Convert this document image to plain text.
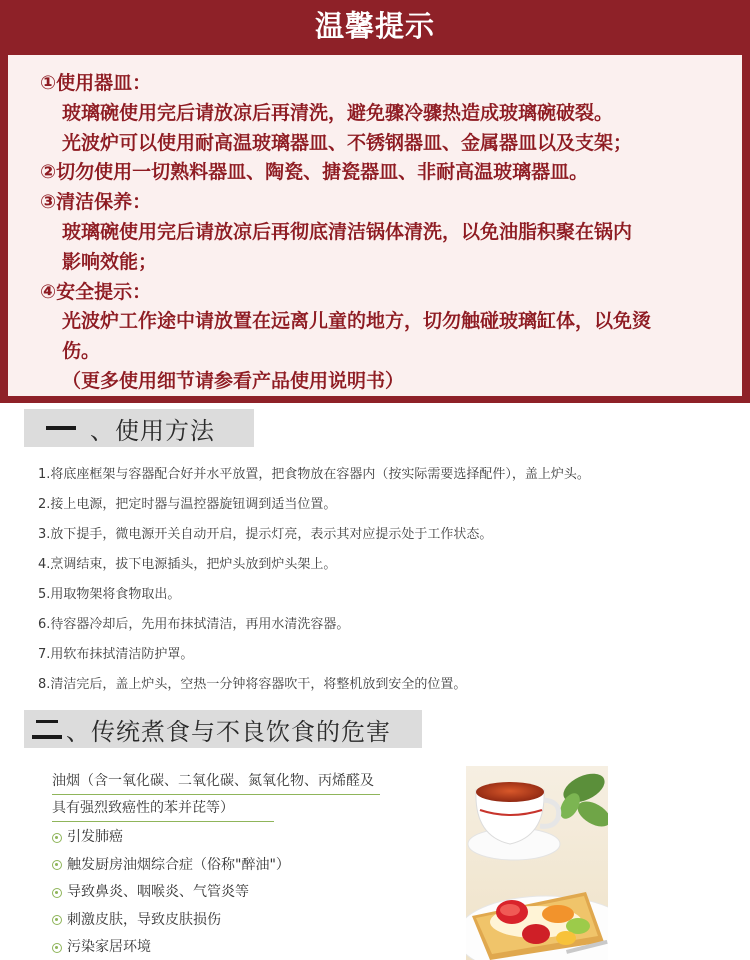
温馨提示
①使用器皿：
玻璃碗使用完后请放凉后再清洗，避免骤冷骤热造成玻璃碗破裂。
光波炉可以使用耐高温玻璃器皿、不锈钢器皿、金属器皿以及支架；
②切勿使用一切熟料器皿、陶瓷、搪瓷器皿、非耐高温玻璃器皿。
③清洁保养：
玻璃碗使用完后请放凉后再彻底清洁锅体清洗，以免油脂积聚在锅内
影响效能；
④安全提示：
光波炉工作途中请放置在远离儿童的地方，切勿触碰玻璃缸体，以免烫
伤。
（更多使用细节请参看产品使用说明书）
、使用方法
1.将底座框架与容器配合好并水平放置，把食物放在容器内（按实际需要选择配件），盖上炉头。
2.接上电源，把定时器与温控器旋钮调到适当位置。
3.放下提手，微电源开关自动开启，提示灯亮，表示其对应提示处于工作状态。
4.烹调结束，拔下电源插头，把炉头放到炉头架上。
5.用取物架将食物取出。
6.待容器冷却后，先用布抹拭清洁，再用水清洗容器。
7.用软布抹拭清洁防护罩。
8.清洁完后，盖上炉头，空热一分钟将容器吹干，将整机放到安全的位置。
、传统煮食与不良饮食的危害
油烟（含一氧化碳、二氧化碳、氮氧化物、丙烯醛及 具有强烈致癌性的苯并芘等）
引发肺癌
触发厨房油烟综合症（俗称"醉油"）
导致鼻炎、咽喉炎、气管炎等
刺激皮肤，导致皮肤损伤
污染家居环境
